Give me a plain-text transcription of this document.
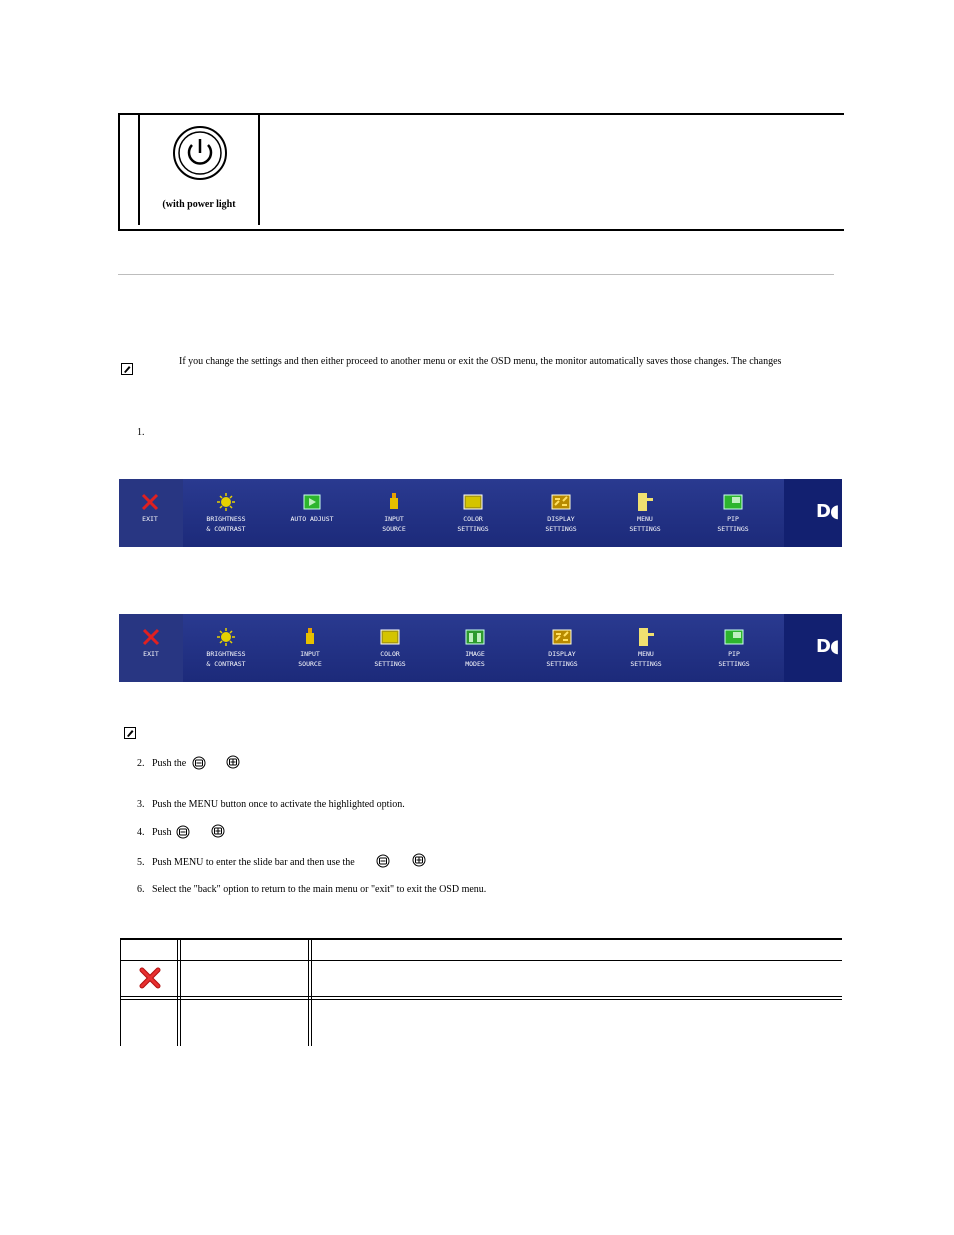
(with power light
If you change the settings and then either proceed to another menu or exit the OSD menu, the monitor automatically saves those changes. The changes
1.
D◖
EXIT	BRIGHTNESS
& CONTRAST
AUTO ADJUST	INPUT
SOURCE
COLOR
SETTINGS
DISPLAY
SETTINGS
MENU
SETTINGS
PIP
SETTINGS
D◖
EXIT	BRIGHTNESS
& CONTRAST
INPUT
SOURCE
COLOR
SETTINGS
IMAGE
MODES
DISPLAY
SETTINGS
MENU
SETTINGS
PIP
SETTINGS
2. Push the
3. Push the MENU button once to activate the highlighted option.
4. Push
5. Push MENU to enter the slide bar and then use the
6. Select the "back" option to return to the main menu or "exit" to exit the OSD menu.
